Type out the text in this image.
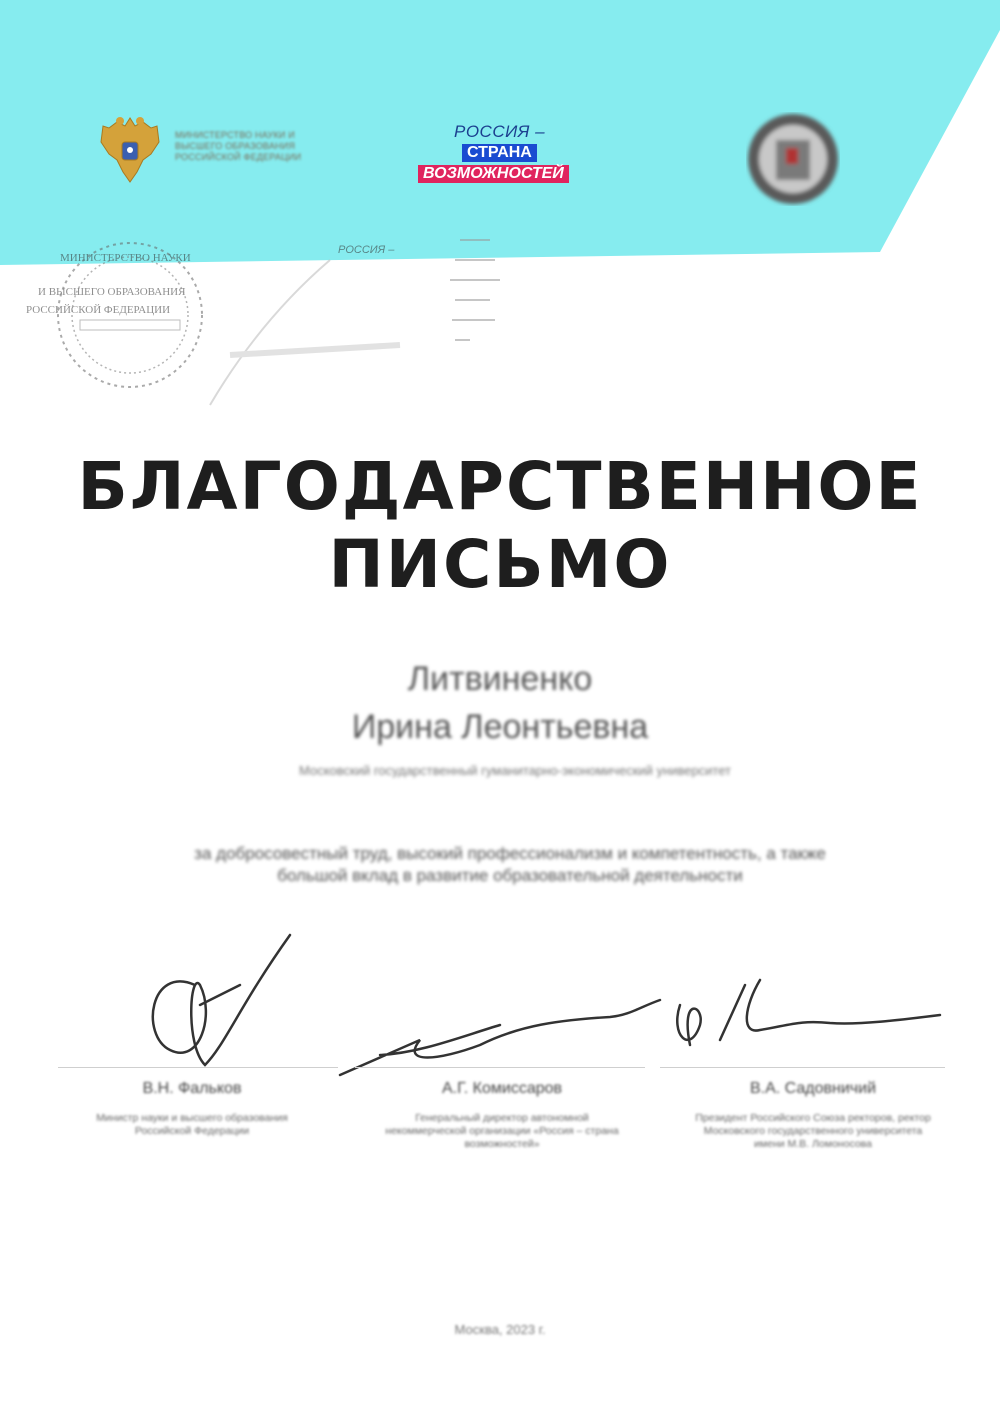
МИНИСТЕРСТВО НАУКИ И ВЫСШЕГО ОБРАЗОВАНИЯ РОССИЙСКОЙ ФЕДЕРАЦИИ
РОССИЯ –
СТРАНА
ВОЗМОЖНОСТЕЙ
МИНИСТЕРСТВО НАУКИ
И ВЫСШЕГО ОБРАЗОВАНИЯ
РОССИЙСКОЙ ФЕДЕРАЦИИ
РОССИЯ –
БЛАГОДАРСТВЕННОЕ
ПИСЬМО
Литвиненко
Ирина Леонтьевна
Московский государственный гуманитарно-экономический университет
за добросовестный труд, высокий профессионализм и компетентность, а также большой вклад в развитие образовательной деятельности
В.Н. Фальков
Министр науки и высшего образования Российской Федерации
А.Г. Комиссаров
Генеральный директор автономной некоммерческой организации «Россия – страна возможностей»
В.А. Садовничий
Президент Российского Союза ректоров, ректор Московского государственного университета имени М.В. Ломоносова
Москва, 2023 г.
